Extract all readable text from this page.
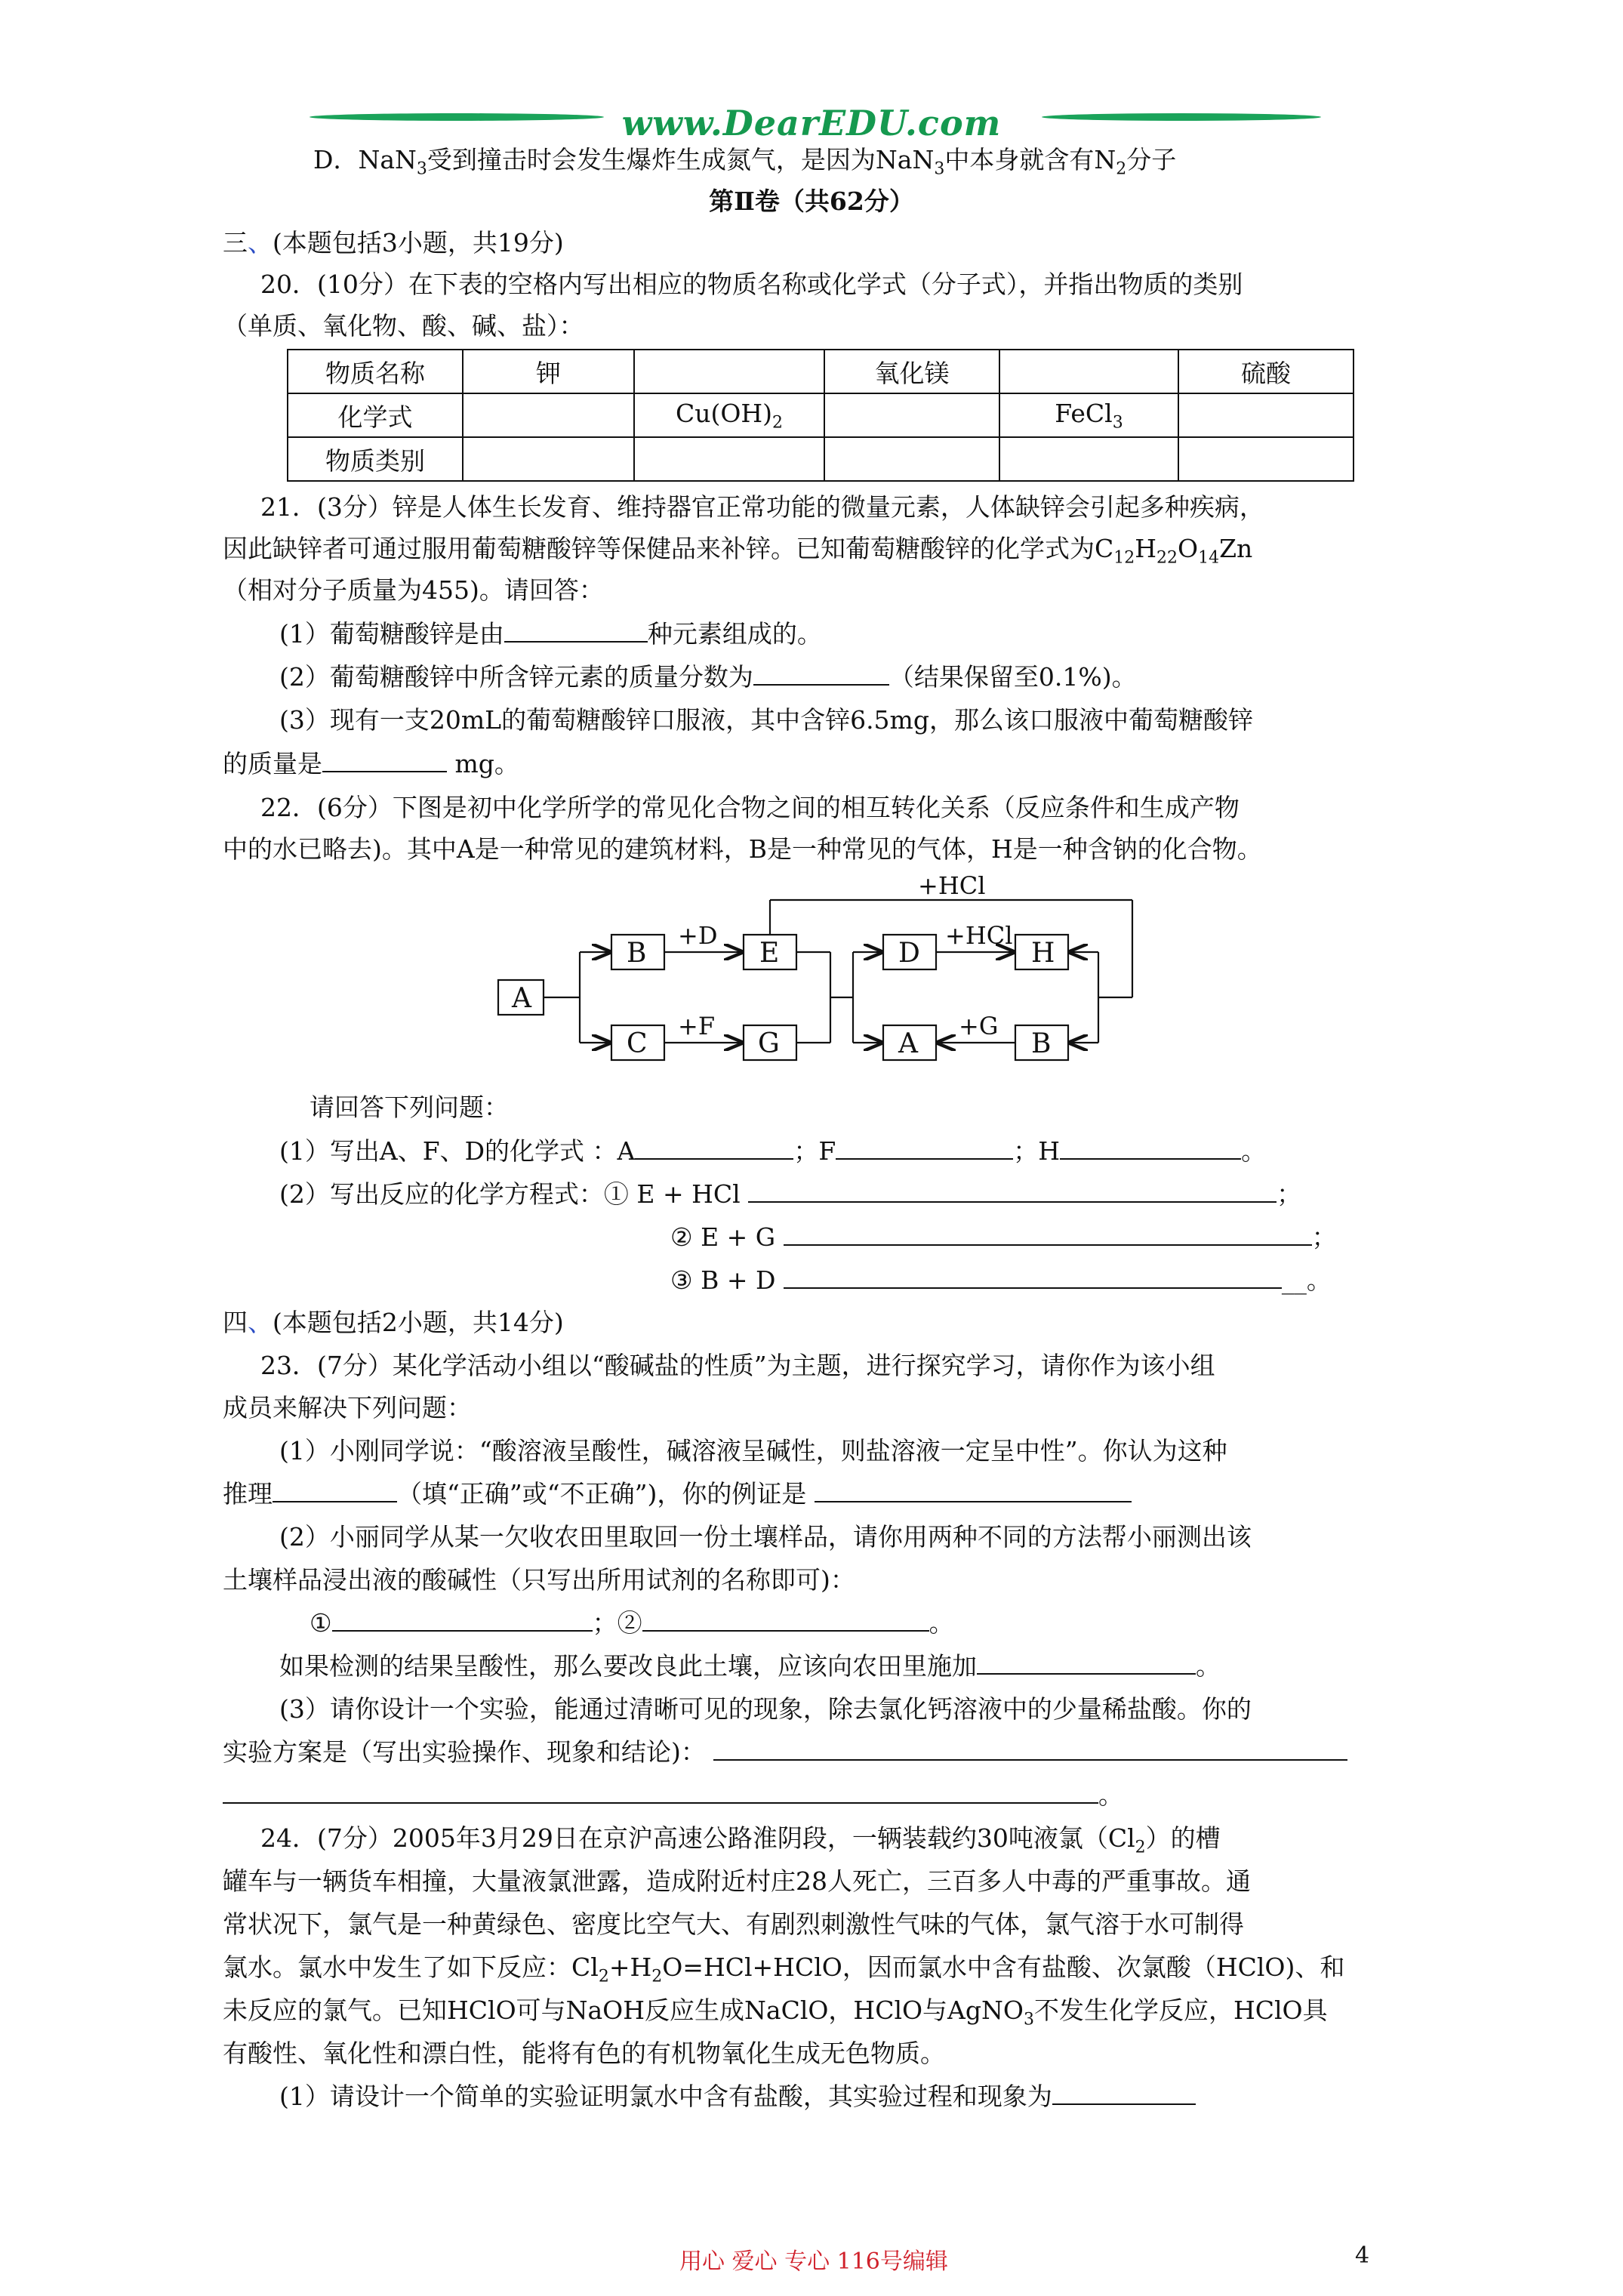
www.DearEDU.com
D．NaN$_3$受到撞击时会发生爆炸生成氮气，是因为NaN$_3$中本身就含有$N_2$分子
第Ⅱ卷（共62分）
三、(本题包括3小题，共19分)
20．(10分）在下表的空格内写出相应的物质名称或化学式（分子式），并指出物质的类别
（单质、氧化物、酸、碱、盐）：
物质名称	钾		氧化镁		硫酸
化学式		$Cu(OH)_2$		FeCl$_3$	
物质类别					
21．(3分）锌是人体生长发育、维持器官正常功能的微量元素，人体缺锌会引起多种疾病，
因此缺锌者可通过服用葡萄糖酸锌等保健品来补锌。已知葡萄糖酸锌的化学式为$C_{12}H_{22}O_{14}Zn$
（相对分子质量为455)。请回答：
(1）葡萄糖酸锌是由	种元素组成的。
(2）葡萄糖酸锌中所含锌元素的质量分数为	（结果保留至0.1%)。
(3）现有一支20mL的葡萄糖酸锌口服液，其中含锌6.5mg，那么该口服液中葡萄糖酸锌
的质量是	mg。
22．(6分）下图是初中化学所学的常见化合物之间的相互转化关系（反应条件和生成产物
中的水已略去)。其中A是一种常见的建筑材料，B是一种常见的气体，H是一种含钠的化合物。
A
B
C
E
G
D	H
A	B
+D
+F
+HCl
+HCl
+G
请回答下列问题：
(1）写出A、F、D的化学式 ：A	；F	；H	。
(2）写出反应的化学方程式：① E + HCl	；
② E + G	；
③ B + D	__。
四、(本题包括2小题，共14分)
23．(7分）某化学活动小组以“酸碱盐的性质”为主题，进行探究学习，请你作为该小组
成员来解决下列问题：
(1）小刚同学说：“酸溶液呈酸性，碱溶液呈碱性，则盐溶液一定呈中性”。你认为这种
推理	（填“正确”或“不正确”)，你的例证是
(2）小丽同学从某一欠收农田里取回一份土壤样品，请你用两种不同的方法帮小丽测出该
土壤样品浸出液的酸碱性（只写出所用试剂的名称即可)：
①	；②	。
如果检测的结果呈酸性，那么要改良此土壤，应该向农田里施加	。
(3）请你设计一个实验，能通过清晰可见的现象，除去氯化钙溶液中的少量稀盐酸。你的
实验方案是（写出实验操作、现象和结论)：
。
24．(7分）2005年3月29日在京沪高速公路淮阴段，一辆装载约30吨液氯$(Cl_2)$的槽
罐车与一辆货车相撞，大量液氯泄露，造成附近村庄28人死亡，三百多人中毒的严重事故。通
常状况下，氯气是一种黄绿色、密度比空气大、有剧烈刺激性气味的气体，氯气溶于水可制得
氯水。氯水中发生了如下反应：$Cl_2+H_2O=HCl+HClO$，因而氯水中含有盐酸、次氯酸（HClO)、和
未反应的氯气。已知HClO可与NaOH反应生成NaClO，HClO与AgNO$_3$不发生化学反应，HClO具
有酸性、氧化性和漂白性，能将有色的有机物氧化生成无色物质。
(1）请设计一个简单的实验证明氯水中含有盐酸，其实验过程和现象为
用心 爱心 专心 116号编辑	4
